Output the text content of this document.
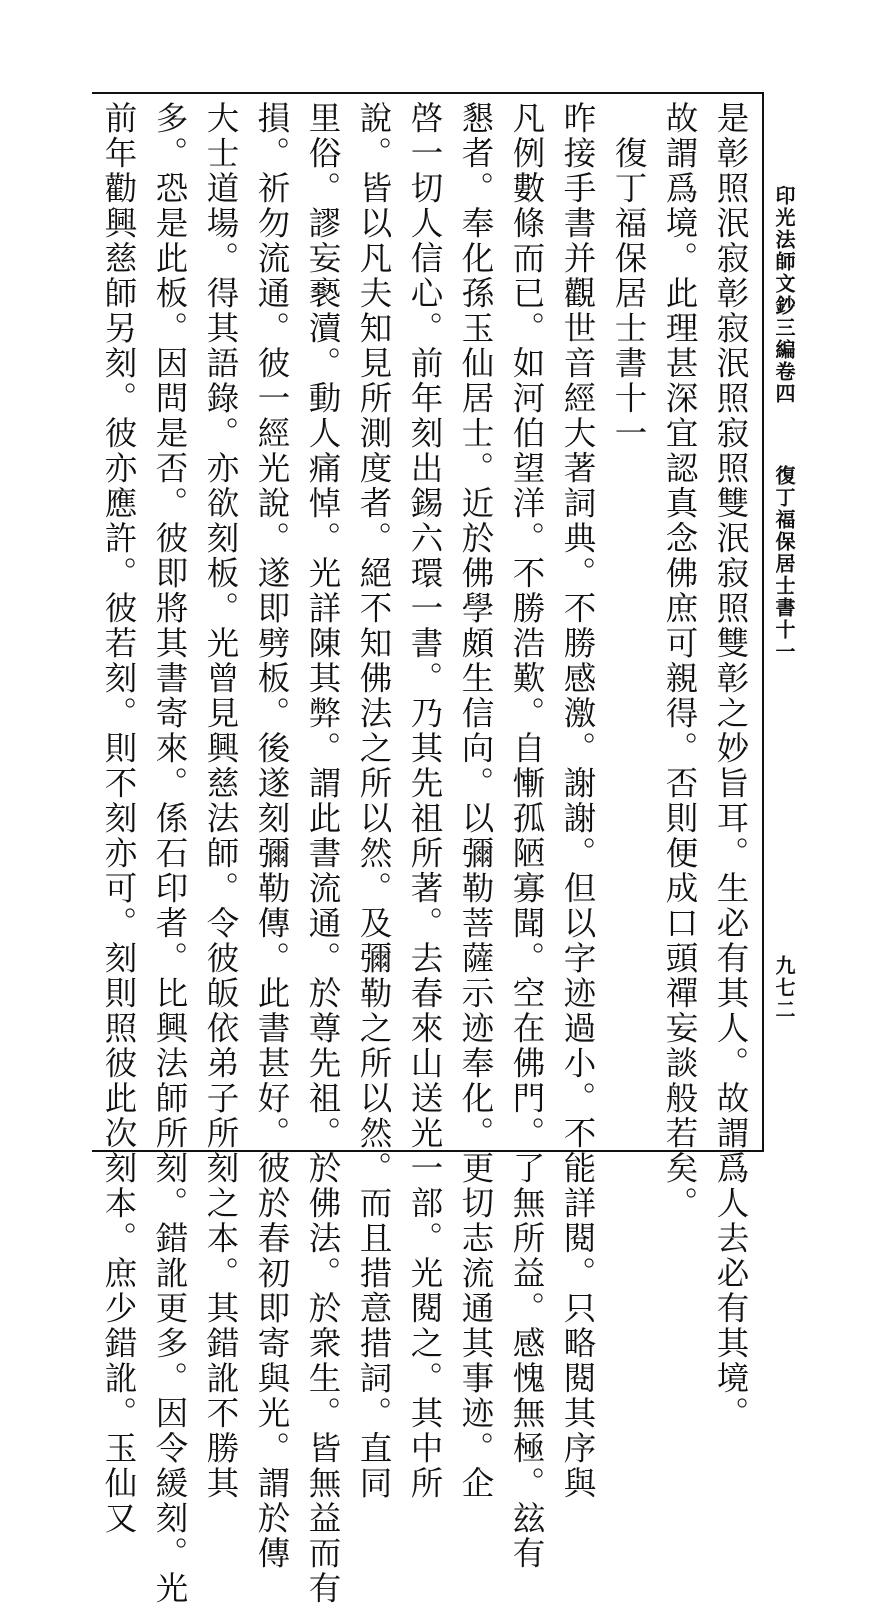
印光法師文鈔三編卷四
復丁福保居士書十一
九七二
是彰照泯寂彰寂泯照寂照雙泯寂照雙彰之妙旨耳。生必有其人。故謂爲人去必有其境。
故謂爲境。此理甚深宜認真念佛庶可親得。否則便成口頭禪妄談般若矣。
　復丁福保居士書十一
昨接手書并觀世音經大著詞典。不勝感激。謝謝。但以字迹過小。不能詳閱。只略閱其序與
凡例數條而已。如河伯望洋。不勝浩歎。自慚孤陋寡聞。空在佛門。了無所益。感愧無極。玆有
懇者。奉化孫玉仙居士。近於佛學頗生信向。以彌勒菩薩示迹奉化。更切志流通其事迹。企
啓一切人信心。前年刻出錫六環一書。乃其先祖所著。去春來山送光一部。光閱之。其中所
說。皆以凡夫知見所測度者。絕不知佛法之所以然。及彌勒之所以然。而且措意措詞。直同
里俗。謬妄褻瀆。動人痛悼。光詳陳其弊。謂此書流通。於尊先祖。於佛法。於衆生。皆無益而有
損。祈勿流通。彼一經光說。遂即劈板。後遂刻彌勒傳。此書甚好。彼於春初即寄與光。謂於傳
大士道場。得其語錄。亦欲刻板。光曾見興慈法師。令彼皈依弟子所刻之本。其錯訛不勝其
多。恐是此板。因問是否。彼即將其書寄來。係石印者。比興法師所刻。錯訛更多。因令緩刻。光
前年勸興慈師另刻。彼亦應許。彼若刻。則不刻亦可。刻則照彼此次刻本。庶少錯訛。玉仙又
